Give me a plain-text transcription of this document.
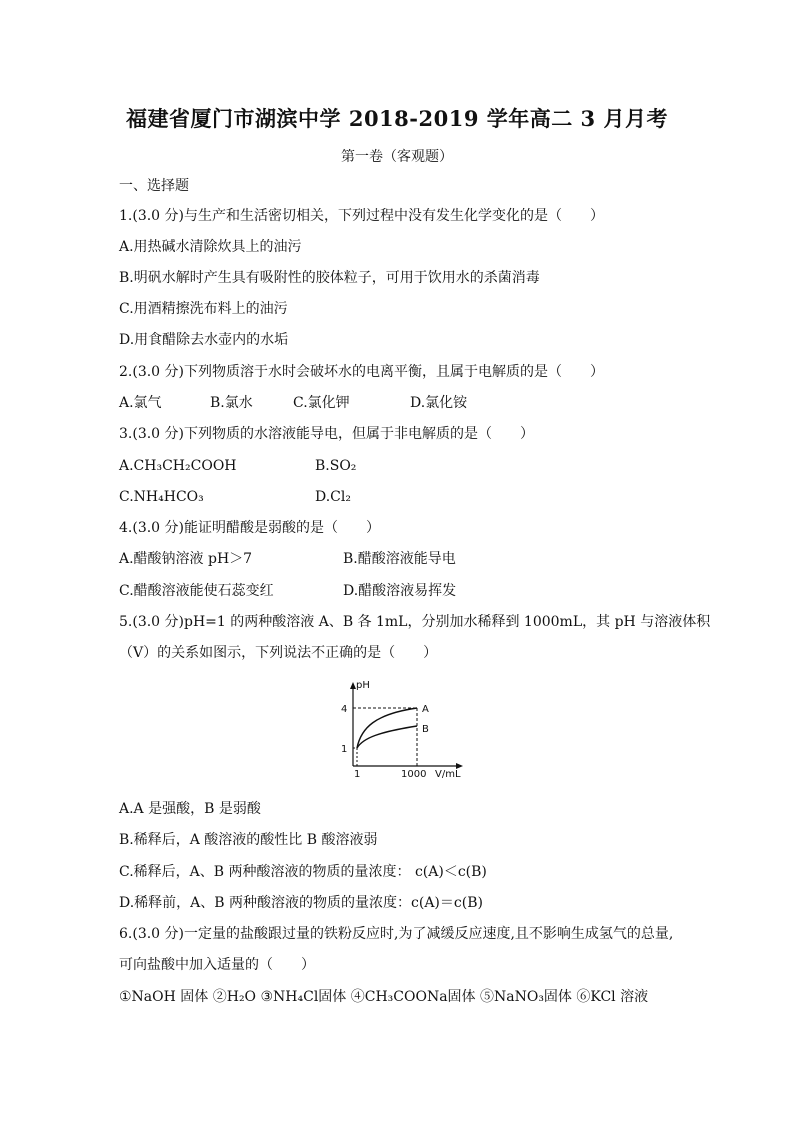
福建省厦门市湖滨中学 2018-2019 学年高二 3 月月考
第一卷（客观题）
一、选择题
1.(3.0 分)与生产和生活密切相关，下列过程中没有发生化学变化的是（　　）
A.用热碱水清除炊具上的油污
B.明矾水解时产生具有吸附性的胶体粒子，可用于饮用水的杀菌消毒
C.用酒精擦洗布料上的油污
D.用食醋除去水壶内的水垢
2.(3.0 分)下列物质溶于水时会破坏水的电离平衡，且属于电解质的是（　　）
A.氯气	B.氯水	C.氯化钾	D.氯化铵
3.(3.0 分)下列物质的水溶液能导电，但属于非电解质的是（　　）
A.CH₃CH₂COOH	B.SO₂
C.NH₄HCO₃	D.Cl₂
4.(3.0 分)能证明醋酸是弱酸的是（　　）
A.醋酸钠溶液 pH＞7	B.醋酸溶液能导电
C.醋酸溶液能使石蕊变红	D.醋酸溶液易挥发
5.(3.0 分)pH=1 的两种酸溶液 A、B 各 1mL，分别加水稀释到 1000mL，其 pH 与溶液体积
（V）的关系如图示，下列说法不正确的是（　　）
pH
4
1
1	1000 V/mL
A
B
A.A 是强酸，B 是弱酸
B.稀释后，A 酸溶液的酸性比 B 酸溶液弱
C.稀释后，A、B 两种酸溶液的物质的量浓度： c(A)＜c(B)
D.稀释前，A、B 两种酸溶液的物质的量浓度：c(A)＝c(B)
6.(3.0 分)一定量的盐酸跟过量的铁粉反应时,为了减缓反应速度,且不影响生成氢气的总量,
可向盐酸中加入适量的（　　）
①NaOH 固体 ②H₂O ③NH₄Cl固体 ④CH₃COONa固体 ⑤NaNO₃固体 ⑥KCl 溶液
